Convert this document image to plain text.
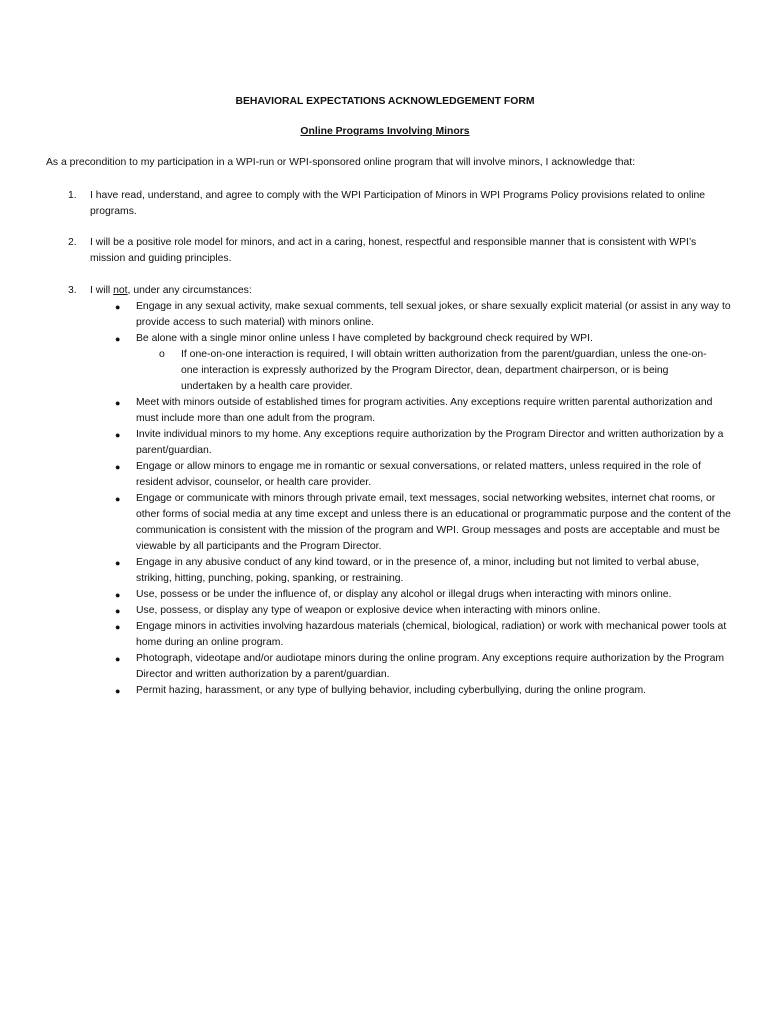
BEHAVIORAL EXPECTATIONS ACKNOWLEDGEMENT FORM
Online Programs Involving Minors
As a precondition to my participation in a WPI-run or WPI-sponsored online program that will involve minors, I acknowledge that:
1.	I have read, understand, and agree to comply with the WPI Participation of Minors in WPI Programs Policy provisions related to online programs.
2.	I will be a positive role model for minors, and act in a caring, honest, respectful and responsible manner that is consistent with WPI’s mission and guiding principles.
3.	I will not, under any circumstances:
● Engage in any sexual activity, make sexual comments, tell sexual jokes, or share sexually explicit material (or assist in any way to provide access to such material) with minors online.
● Be alone with a single minor online unless I have completed by background check required by WPI.
o If one-on-one interaction is required, I will obtain written authorization from the parent/guardian, unless the one-on-one interaction is expressly authorized by the Program Director, dean, department chairperson, or is being undertaken by a health care provider.
● Meet with minors outside of established times for program activities. Any exceptions require written parental authorization and must include more than one adult from the program.
● Invite individual minors to my home. Any exceptions require authorization by the Program Director and written authorization by a parent/guardian.
● Engage or allow minors to engage me in romantic or sexual conversations, or related matters, unless required in the role of resident advisor, counselor, or health care provider.
● Engage or communicate with minors through private email, text messages, social networking websites, internet chat rooms, or other forms of social media at any time except and unless there is an educational or programmatic purpose and the content of the communication is consistent with the mission of the program and WPI. Group messages and posts are acceptable and must be viewable by all participants and the Program Director.
● Engage in any abusive conduct of any kind toward, or in the presence of, a minor, including but not limited to verbal abuse, striking, hitting, punching, poking, spanking, or restraining.
● Use, possess or be under the influence of, or display any alcohol or illegal drugs when interacting with minors online.
● Use, possess, or display any type of weapon or explosive device when interacting with minors online.
● Engage minors in activities involving hazardous materials (chemical, biological, radiation) or work with mechanical power tools at home during an online program.
● Photograph, videotape and/or audiotape minors during the online program. Any exceptions require authorization by the Program Director and written authorization by a parent/guardian.
● Permit hazing, harassment, or any type of bullying behavior, including cyberbullying, during the online program.
